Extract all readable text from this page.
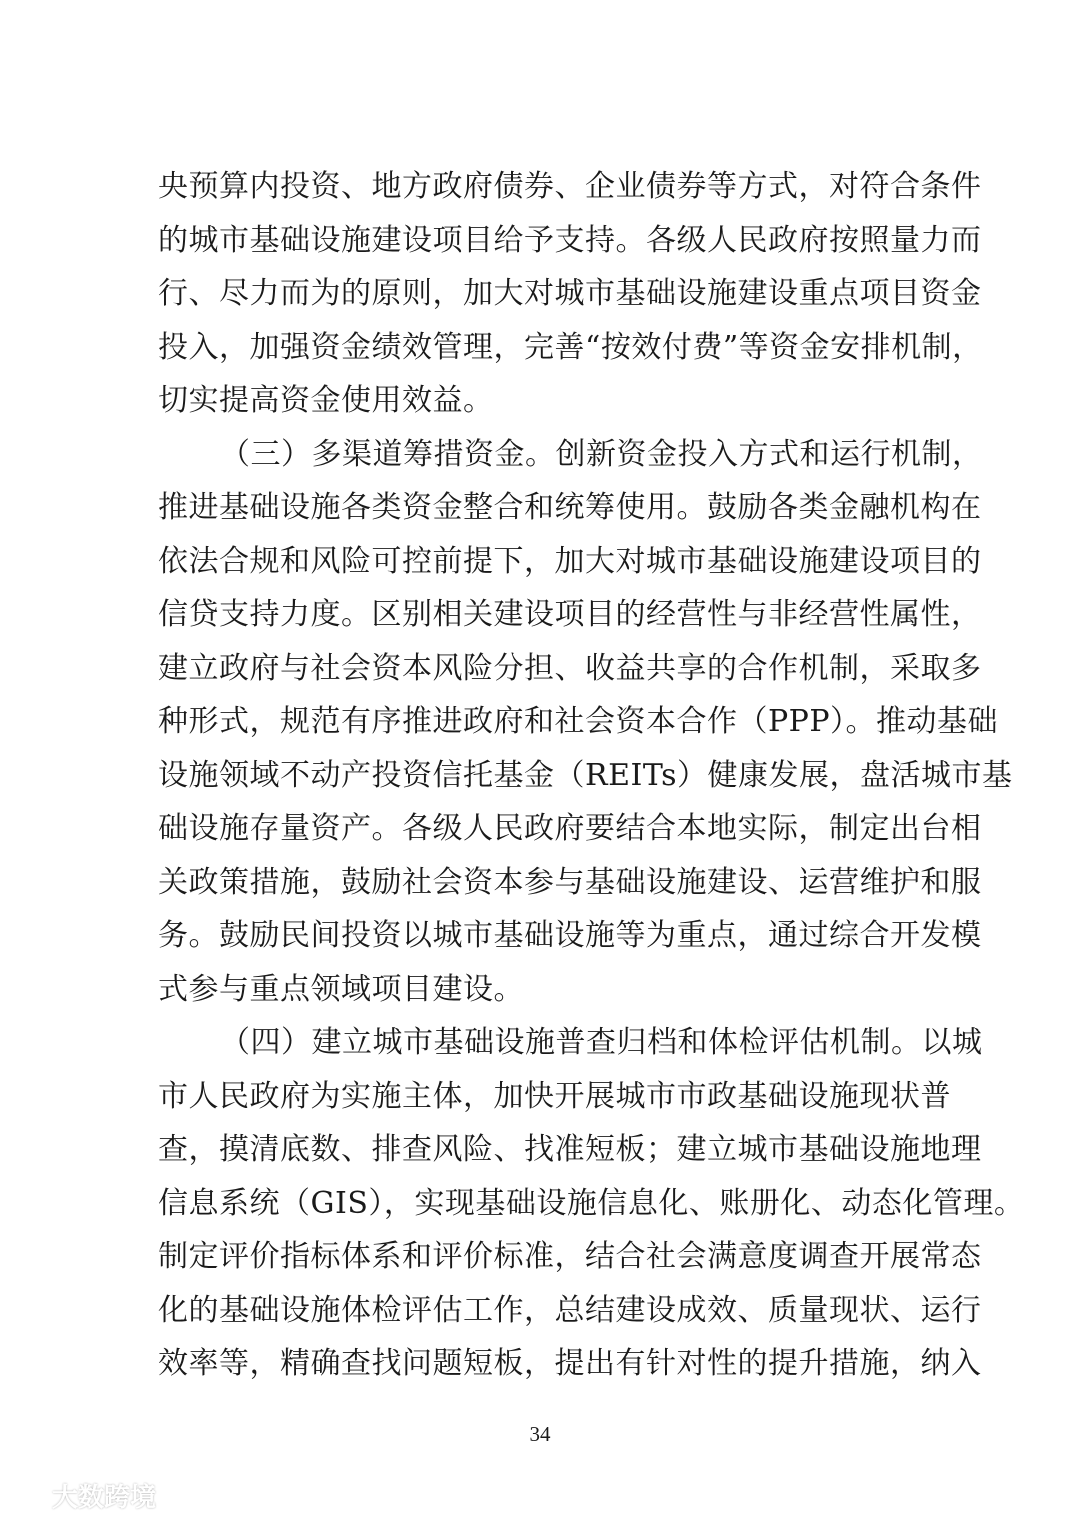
央预算内投资、地方政府债券、企业债券等方式，对符合条件
的城市基础设施建设项目给予支持。各级人民政府按照量力而
行、尽力而为的原则，加大对城市基础设施建设重点项目资金
投入，加强资金绩效管理，完善“按效付费”等资金安排机制，
切实提高资金使用效益。
（三）多渠道筹措资金。创新资金投入方式和运行机制，
推进基础设施各类资金整合和统筹使用。鼓励各类金融机构在
依法合规和风险可控前提下，加大对城市基础设施建设项目的
信贷支持力度。区别相关建设项目的经营性与非经营性属性，
建立政府与社会资本风险分担、收益共享的合作机制，采取多
种形式，规范有序推进政府和社会资本合作（PPP）。推动基础
设施领域不动产投资信托基金（REITs）健康发展，盘活城市基
础设施存量资产。各级人民政府要结合本地实际，制定出台相
关政策措施，鼓励社会资本参与基础设施建设、运营维护和服
务。鼓励民间投资以城市基础设施等为重点，通过综合开发模
式参与重点领域项目建设。
（四）建立城市基础设施普查归档和体检评估机制。以城
市人民政府为实施主体，加快开展城市市政基础设施现状普
查，摸清底数、排查风险、找准短板；建立城市基础设施地理
信息系统（GIS），实现基础设施信息化、账册化、动态化管理。
制定评价指标体系和评价标准，结合社会满意度调查开展常态
化的基础设施体检评估工作，总结建设成效、质量现状、运行
效率等，精确查找问题短板，提出有针对性的提升措施，纳入
34
大数跨境
